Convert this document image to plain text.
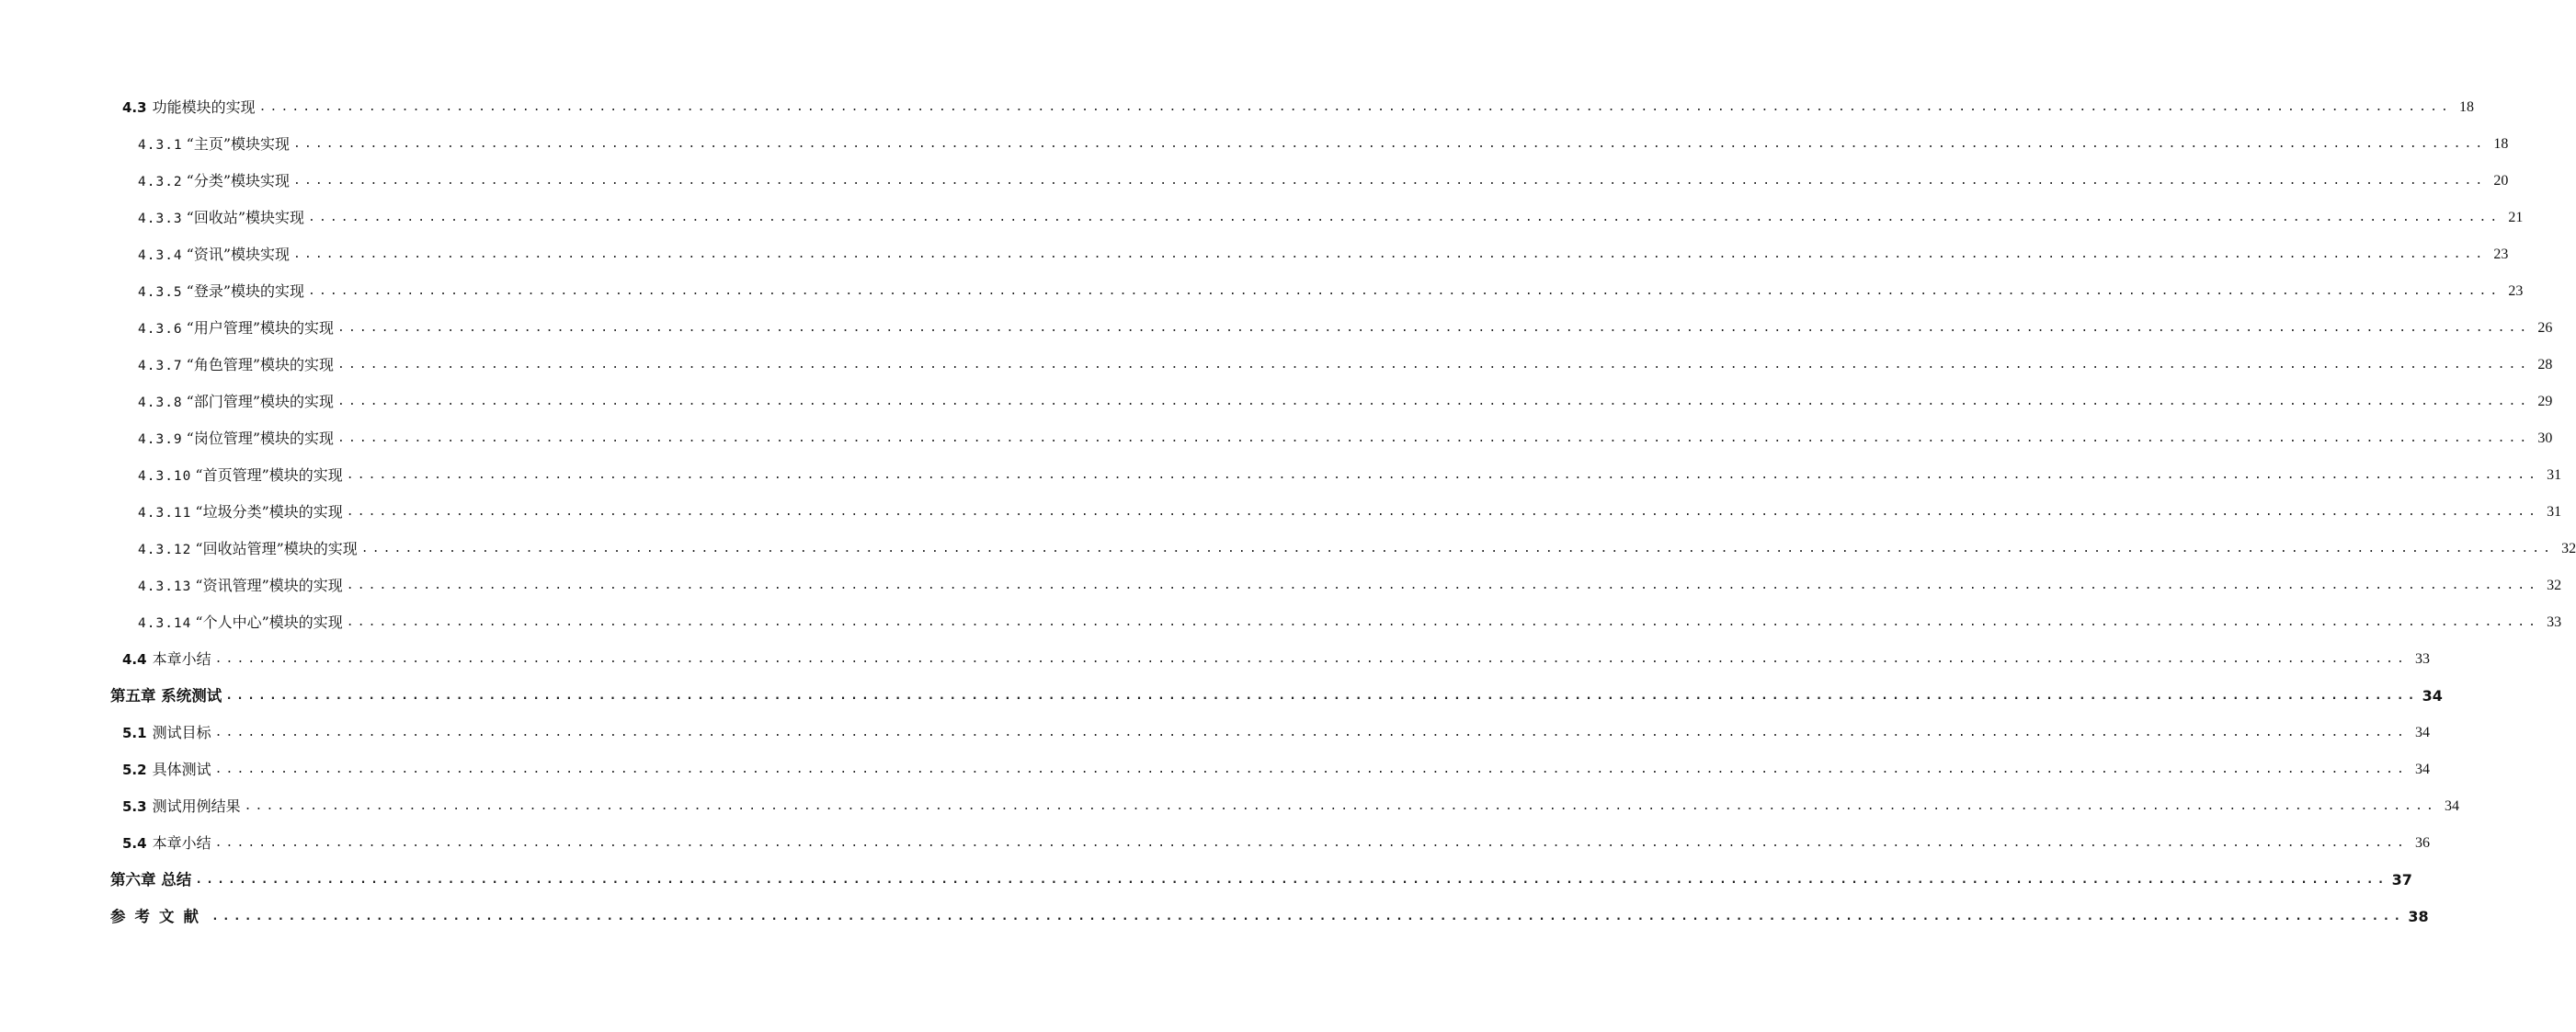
4.3 功能模块的实现 ........................................................................................................................................................................................................ 18
4.3.1 “主页”模块实现 ........................................................................................................................................................................................................ 18
4.3.2 “分类”模块实现 ........................................................................................................................................................................................................ 20
4.3.3 “回收站”模块实现 ........................................................................................................................................................................................................ 21
4.3.4 “资讯”模块实现 ........................................................................................................................................................................................................ 23
4.3.5 “登录”模块的实现 ........................................................................................................................................................................................................ 23
4.3.6 “用户管理”模块的实现 ........................................................................................................................................................................................................ 26
4.3.7 “角色管理”模块的实现 ........................................................................................................................................................................................................ 28
4.3.8 “部门管理”模块的实现 ........................................................................................................................................................................................................ 29
4.3.9 “岗位管理”模块的实现 ........................................................................................................................................................................................................ 30
4.3.10 “首页管理”模块的实现 ........................................................................................................................................................................................................ 31
4.3.11 “垃圾分类”模块的实现 ........................................................................................................................................................................................................ 31
4.3.12 “回收站管理”模块的实现 ........................................................................................................................................................................................................ 32
4.3.13 “资讯管理”模块的实现 ........................................................................................................................................................................................................ 32
4.3.14 “个人中心”模块的实现 ........................................................................................................................................................................................................ 33
4.4 本章小结 ........................................................................................................................................................................................................ 33
第五章 系统测试 ........................................................................................................................................................................................................ 34
5.1 测试目标 ........................................................................................................................................................................................................ 34
5.2 具体测试 ........................................................................................................................................................................................................ 34
5.3 测试用例结果 ........................................................................................................................................................................................................ 34
5.4 本章小结 ........................................................................................................................................................................................................ 36
第六章 总结 ........................................................................................................................................................................................................ 37
参考文献 ........................................................................................................................................................................................................ 38
